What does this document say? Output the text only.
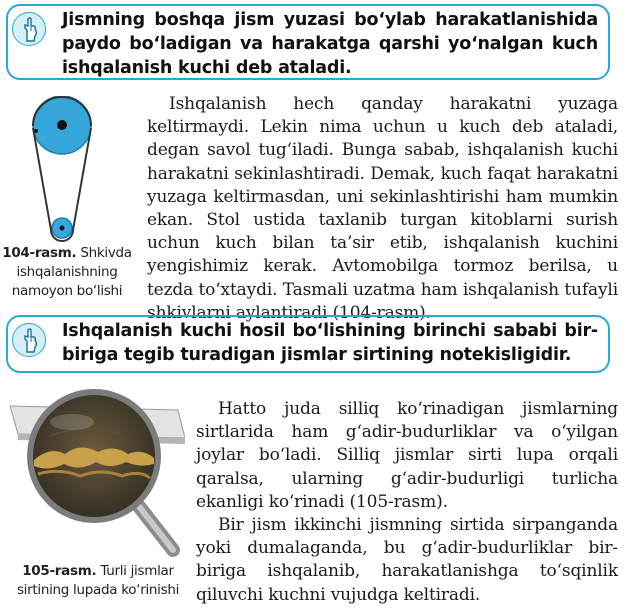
Jismning boshqa jism yuzasi bo‘ylab harakatlanishida paydo bo‘ladigan va harakatga qarshi yo‘nalgan kuch ishqalanish kuchi deb ataladi.
104-rasm. Shkivda ishqalanishning namoyon bo‘lishi
Ishqalanish hech qanday harakatni yuzaga keltirmaydi. Lekin nima uchun u kuch deb ataladi, degan savol tug‘iladi. Bunga sabab, ishqalanish kuchi harakatni sekinlashtiradi. Demak, kuch faqat harakatni yuzaga keltirmasdan, uni sekinlashtirishi ham mumkin ekan. Stol ustida taxlanib turgan kitoblarni surish uchun kuch bilan ta’sir etib, ishqalanish kuchini yengishimiz kerak. Avtomobilga tormoz berilsa, u tezda to‘xtaydi. Tasmali uzatma ham ishqalanish tufayli shkivlarni aylantiradi (104-rasm).
Ishqalanish kuchi hosil bo‘lishining birinchi sababi bir-biriga tegib turadigan jismlar sirtining notekisligidir.
105-rasm. Turli jismlar sirtining lupada ko‘rinishi
Hatto juda silliq ko‘rinadigan jismlarning sirtlarida ham g‘adir-budurliklar va o‘yilgan joylar bo‘ladi. Silliq jismlar sirti lupa orqali qaralsa, ularning g‘adir-budurligi turlicha ekanligi ko‘rinadi (105-rasm).
Bir jism ikkinchi jismning sirtida sirpanganda yoki dumalaganda, bu g‘adir-budurliklar bir-biriga ishqalanib, harakatlanishga to‘sqinlik qiluvchi kuchni vujudga keltiradi.
